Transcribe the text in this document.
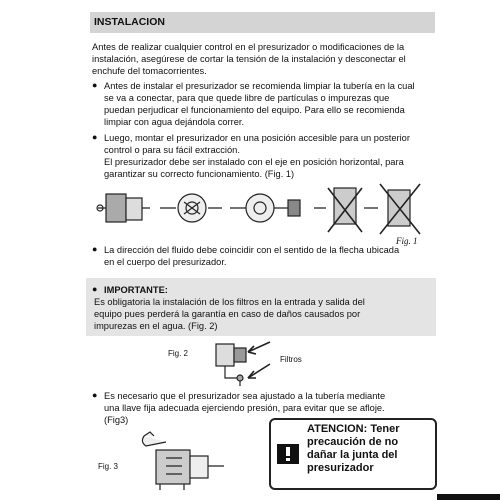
INSTALACION
Antes de realizar cualquier control en el presurizador o modificaciones de la
instalación, asegúrese de cortar la tensión de la instalación y desconectar el
enchufe del tomacorrientes.
● Antes de instalar el presurizador se recomienda limpiar la tubería en la cual
se va a conectar, para que quede libre de partículas o impurezas que
puedan perjudicar el funcionamiento del equipo. Para ello se recomienda
limpiar con agua dejándola correr.
● Luego, montar el presurizador en una posición accesible para un posterior
control o para su fácil extracción.
El presurizador debe ser instalado con el eje en posición horizontal, para
garantizar su correcto funcionamiento. (Fig. 1)
Fig. 1
● La dirección del fluido debe coincidir con el sentido de la flecha ubicada
en el cuerpo del presurizador.
● IMPORTANTE:
Es obligatoria la instalación de los filtros en la entrada y salida del
equipo pues perderá la garantía en caso de daños causados por
impurezas en el agua. (Fig. 2)
Fig. 2
Filtros
● Es necesario que el presurizador sea ajustado a la tubería mediante
una llave fija adecuada ejerciendo presión, para evitar que se afloje.
(Fig3)
Fig. 3
ATENCION: Tener
precaución de no
dañar la junta del
presurizador
